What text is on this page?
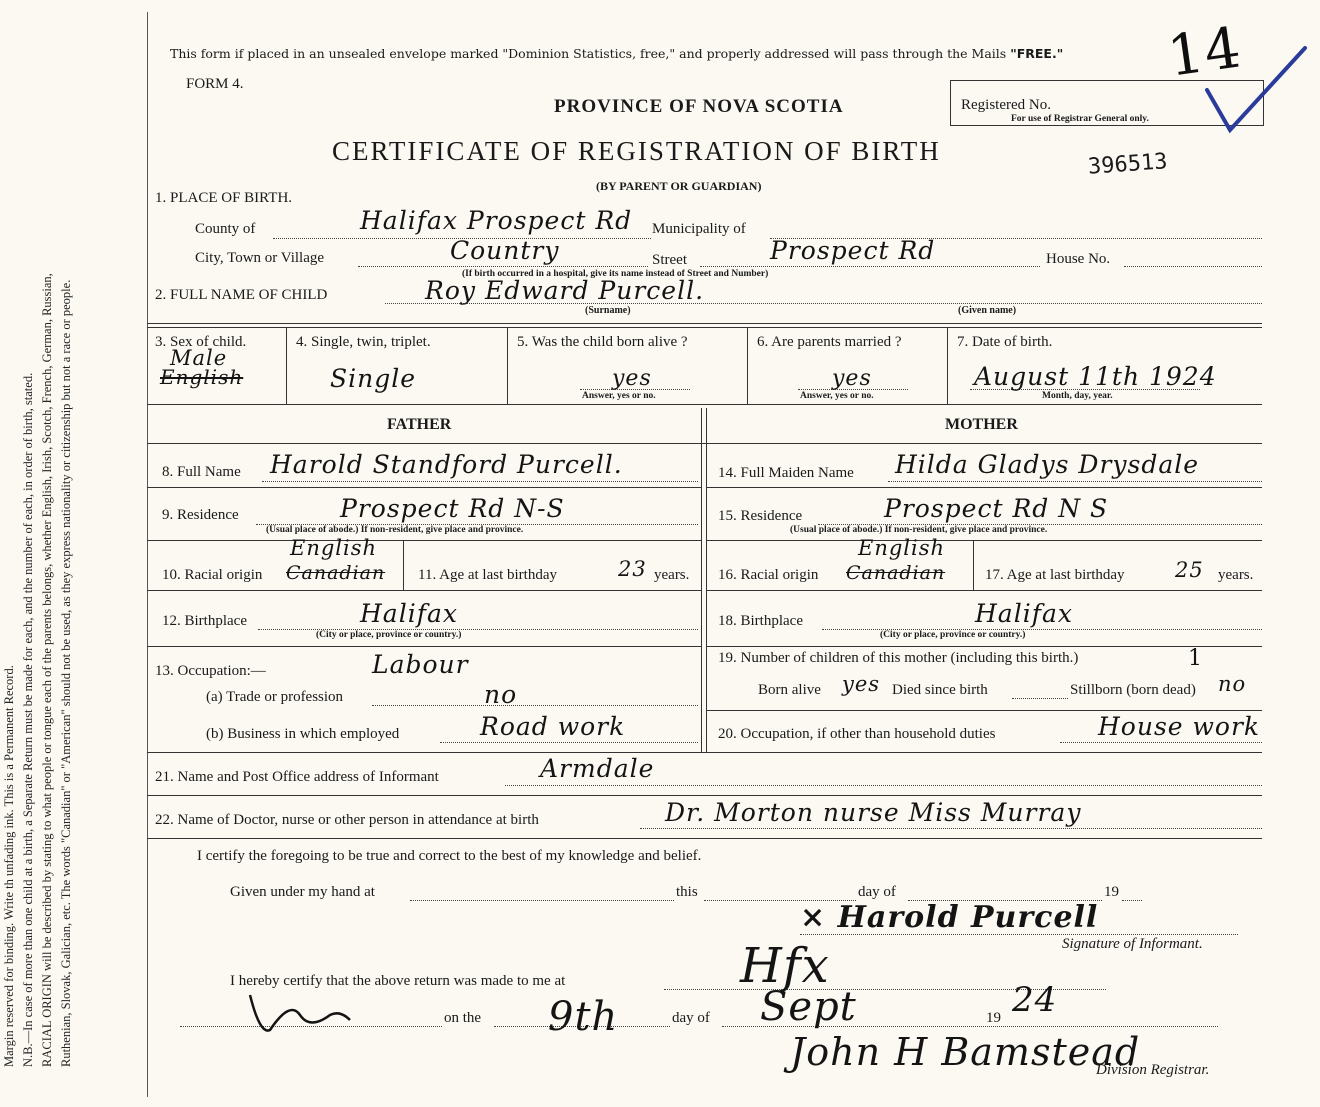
Margin reserved for binding. Write th unfading ink. This is a Permanent Record. N.B.—In case of more than one child at a birth, a Separate Return must be made for each, and the number of each, in order of birth, stated. RACIAL ORIGIN will be described by stating to what people or tongue each of the parents belongs, whether English, Irish, Scotch, French, German, Russian, Ruthenian, Slovak, Galician, etc. The words "Canadian" or "American" should not be used, as they express nationality or citizenship but not a race or people.
This form if placed in an unsealed envelope marked "Dominion Statistics, free," and properly addressed will pass through the Mails "FREE."
FORM 4.
PROVINCE OF NOVA SCOTIA
CERTIFICATE OF REGISTRATION OF BIRTH
(BY PARENT OR GUARDIAN)
Registered No.
For use of Registrar General only.
14
396513
1. PLACE OF BIRTH.
County of	Halifax Prospect Rd Municipality of
City, Town or Village	Country	Street	Prospect Rd	House No.
(If birth occurred in a hospital, give its name instead of Street and Number)
2. FULL NAME OF CHILD	Roy Edward Purcell.
(Surname)	(Given name)
3. Sex of child.
Male
English
4. Single, twin, triplet.
Single
5. Was the child born alive ?
yes
Answer, yes or no.
6. Are parents married ?
yes
Answer, yes or no.
7. Date of birth.
August 11th 1924
Month, day, year.
FATHER	MOTHER
8. Full Name Harold Standford Purcell.
9. Residence	Prospect Rd N-S
(Usual place of abode.) If non-resident, give place and province.
10. Racial origin Canadian
English
11. Age at last birthday	23 years.
12. Birthplace	Halifax
(City or place, province or country.)
13. Occupation:—	Labour
(a) Trade or profession	no
(b) Business in which employed	Road work
14. Full Maiden Name Hilda Gladys Drysdale
15. Residence	Prospect Rd N S
(Usual place of abode.) If non-resident, give place and province.
16. Racial origin Canadian
English
17. Age at last birthday 25 years.
18. Birthplace	Halifax
(City or place, province or country.)
19. Number of children of this mother (including this birth.)	1
Born alive yes Died since birth	Stillborn (born dead) no
20. Occupation, if other than household duties	House work
21. Name and Post Office address of Informant	Armdale
22. Name of Doctor, nurse or other person in attendance at birth	Dr. Morton nurse Miss Murray
I certify the foregoing to be true and correct to the best of my knowledge and belief.
Given under my hand at	this	day of	19
× Harold Purcell
Signature of Informant.
I hereby certify that the above return was made to me at	Hfx
on the 9th	day of Sept	19 24
John H Bamstead
Division Registrar.
